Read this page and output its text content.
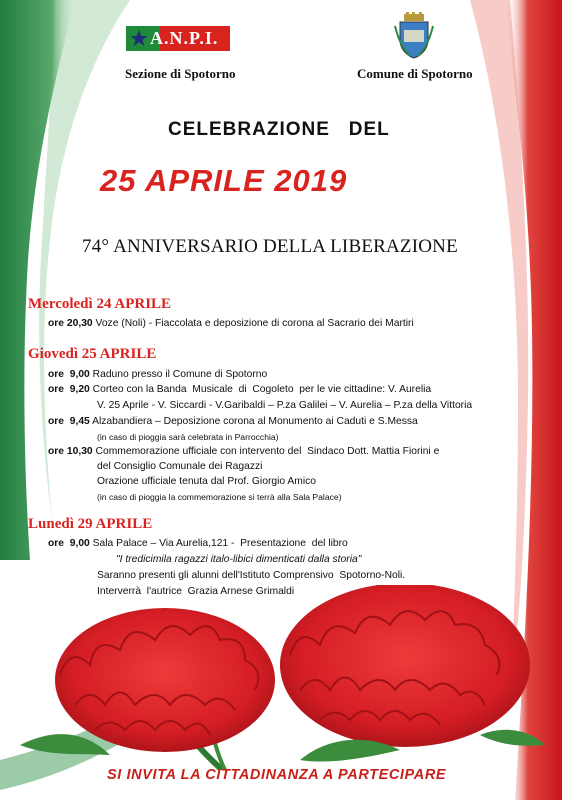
A.N.P.I.
Sezione di Spotorno	Comune di Spotorno
CELEBRAZIONE   DEL
25 APRILE 2019
74° ANNIVERSARIO DELLA LIBERAZIONE
Mercoledì 24 APRILE
ore 20,30 Voze (Noli) - Fiaccolata e deposizione di corona al Sacrario dei Martiri
Giovedì 25 APRILE
ore  9,00 Raduno presso il Comune di Spotorno
ore  9,20 Corteo con la Banda  Musicale  di  Cogoleto  per le vie cittadine: V. Aurelia
V. 25 Aprile - V. Siccardi - V.Garibaldi – P.za Galilei – V. Aurelia – P.za della Vittoria
ore  9,45 Alzabandiera – Deposizione corona al Monumento ai Caduti e S.Messa
(in caso di pioggia sarà celebrata in Parrocchia)
ore 10,30 Commemorazione ufficiale con intervento del  Sindaco Dott. Mattia Fiorini e
del Consiglio Comunale dei Ragazzi
Orazione ufficiale tenuta dal Prof. Giorgio Amico
(in caso di pioggia la commemorazione si terrà alla Sala Palace)
Lunedì 29 APRILE
ore  9,00 Sala Palace – Via Aurelia,121 -  Presentazione  del libro
"I tredicimila ragazzi italo-libici dimenticati dalla storia"
Saranno presenti gli alunni dell'Istituto Comprensivo  Spotorno-Noli.
Interverrà  l'autrice  Grazia Arnese Grimaldi
SI INVITA LA CITTADINANZA A PARTECIPARE
